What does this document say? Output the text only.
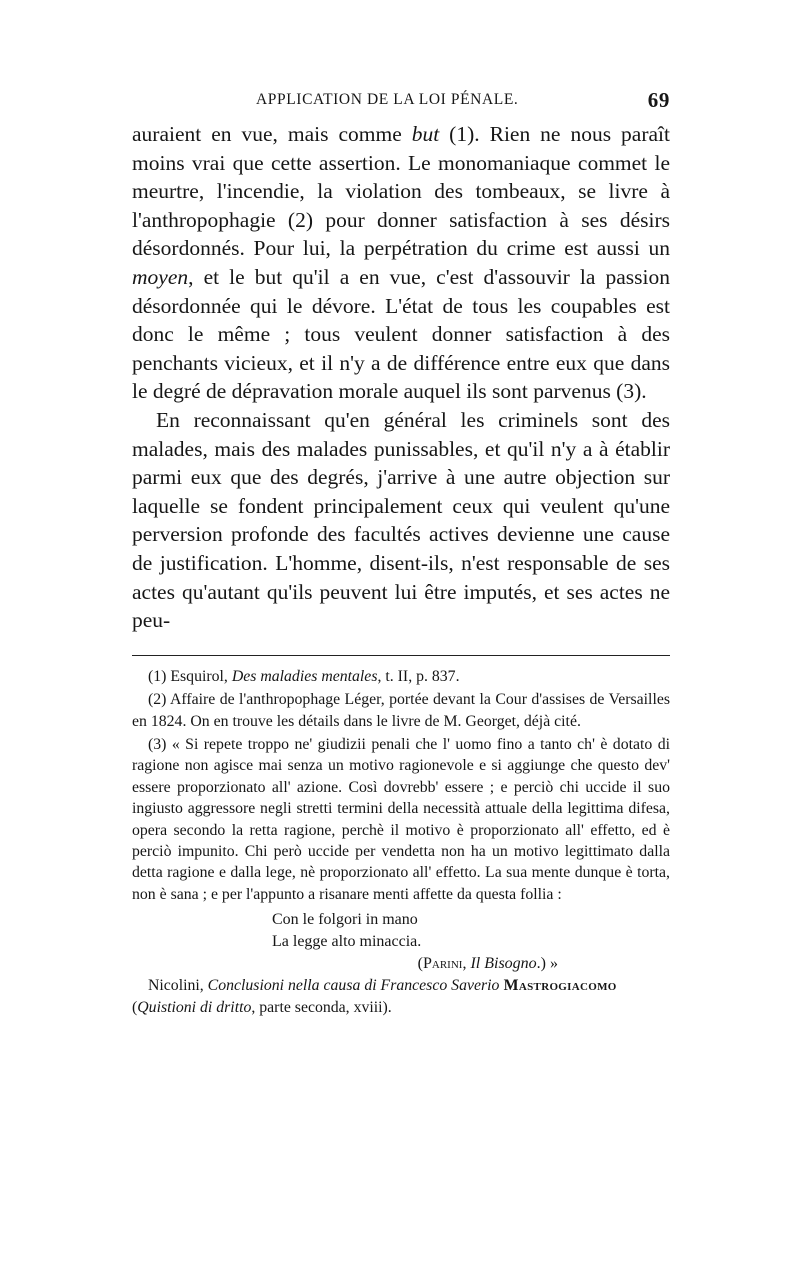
APPLICATION DE LA LOI PÉNALE.	69

auraient en vue, mais comme but (1). Rien ne nous paraît moins vrai que cette assertion. Le monomaniaque commet le meurtre, l'incendie, la violation des tombeaux, se livre à l'anthropophagie (2) pour donner satisfaction à ses désirs désordonnés. Pour lui, la perpétration du crime est aussi un moyen, et le but qu'il a en vue, c'est d'assouvir la passion désordonnée qui le dévore. L'état de tous les coupables est donc le même ; tous veulent donner satisfaction à des penchants vicieux, et il n'y a de différence entre eux que dans le degré de dépravation morale auquel ils sont parvenus (3).

En reconnaissant qu'en général les criminels sont des malades, mais des malades punissables, et qu'il n'y a à établir parmi eux que des degrés, j'arrive à une autre objection sur laquelle se fondent principalement ceux qui veulent qu'une perversion profonde des facultés actives devienne une cause de justification. L'homme, disent-ils, n'est responsable de ses actes qu'autant qu'ils peuvent lui être imputés, et ses actes ne peu-

(1) Esquirol, Des maladies mentales, t. II, p. 837.

(2) Affaire de l'anthropophage Léger, portée devant la Cour d'assises de Versailles en 1824. On en trouve les détails dans le livre de M. Georget, déjà cité.

(3) « Si repete troppo ne' giudizii penali che l' uomo fino a tanto ch' è dotato di ragione non agisce mai senza un motivo ragionevole e si aggiunge che questo dev' essere proporzionato all' azione. Così dovrebb' essere ; e perciò chi uccide il suo ingiusto aggressore negli stretti termini della necessità attuale della legittima difesa, opera secondo la retta ragione, perchè il motivo è proporzionato all' effetto, ed è perciò impunito. Chi però uccide per vendetta non ha un motivo legittimato dalla detta ragione e dalla lege, nè proporzionato all' effetto. La sua mente dunque è torta, non è sana ; e per l'appunto a risanare menti affette da questa follia :

Con le folgori in mano
La legge alto minaccia.
(Parini, Il Bisogno.) »

Nicolini, Conclusioni nella causa di Francesco Saverio Mastrogiacomo
(Quistioni di dritto, parte seconda, xviii).
